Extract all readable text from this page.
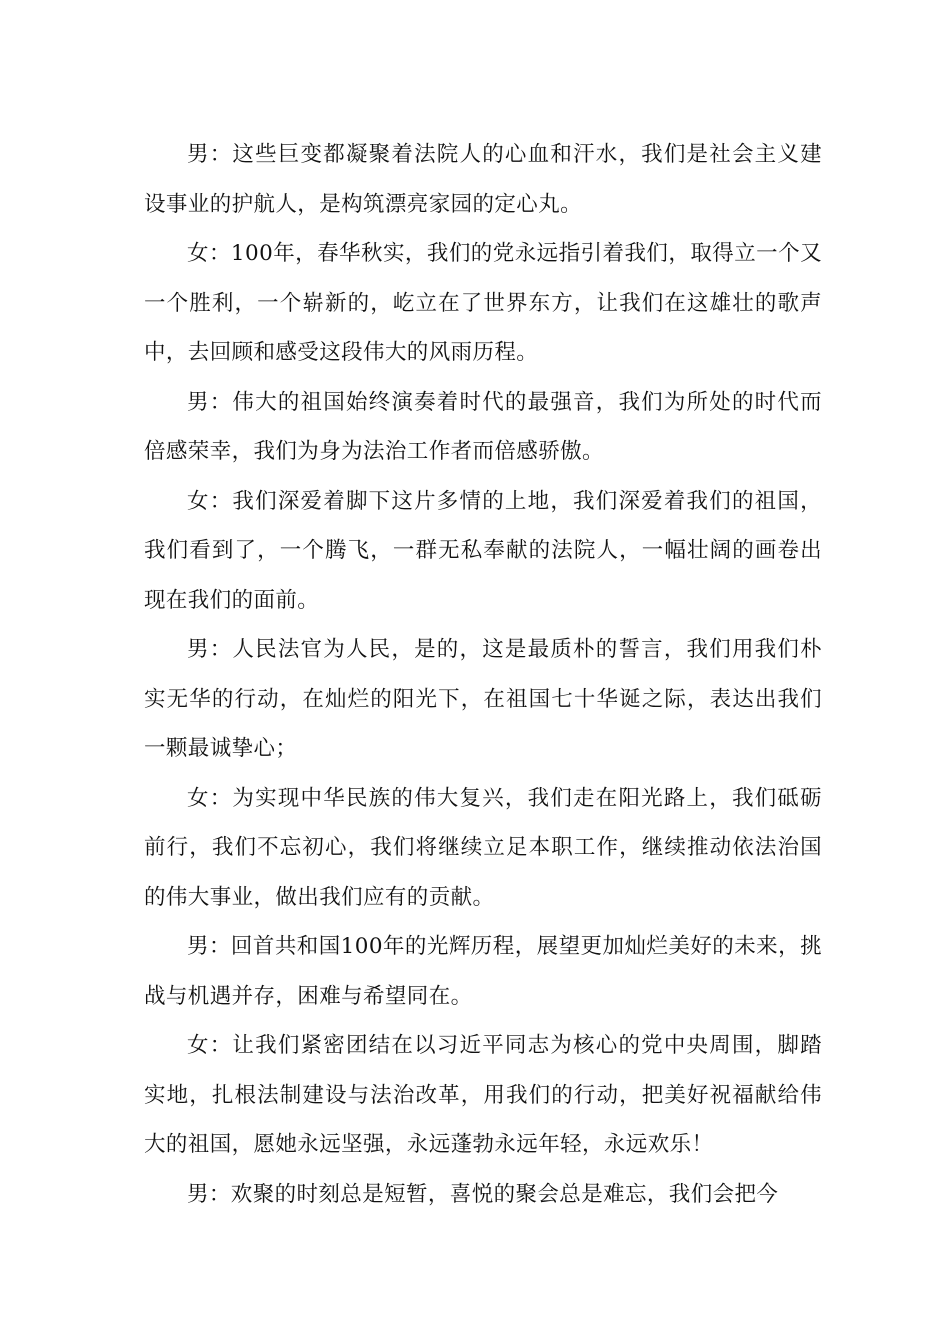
男：这些巨变都凝聚着法院人的心血和汗水，我们是社会主义建设事业的护航人，是构筑漂亮家园的定心丸。

女：100年，春华秋实，我们的党永远指引着我们，取得立一个又一个胜利，一个崭新的，屹立在了世界东方，让我们在这雄壮的歌声中，去回顾和感受这段伟大的风雨历程。

男：伟大的祖国始终演奏着时代的最强音，我们为所处的时代而倍感荣幸，我们为身为法治工作者而倍感骄傲。

女：我们深爱着脚下这片多情的上地，我们深爱着我们的祖国，我们看到了，一个腾飞，一群无私奉献的法院人，一幅壮阔的画卷出现在我们的面前。

男：人民法官为人民，是的，这是最质朴的誓言，我们用我们朴实无华的行动，在灿烂的阳光下，在祖国七十华诞之际，表达出我们一颗最诚挚心；

女：为实现中华民族的伟大复兴，我们走在阳光路上，我们砥砺前行，我们不忘初心，我们将继续立足本职工作，继续推动依法治国的伟大事业，做出我们应有的贡献。

男：回首共和国100年的光辉历程，展望更加灿烂美好的未来，挑战与机遇并存，困难与希望同在。

女：让我们紧密团结在以习近平同志为核心的党中央周围，脚踏实地，扎根法制建设与法治改革，用我们的行动，把美好祝福献给伟大的祖国，愿她永远坚强，永远蓬勃永远年轻，永远欢乐！

男：欢聚的时刻总是短暂，喜悦的聚会总是难忘，我们会把今
